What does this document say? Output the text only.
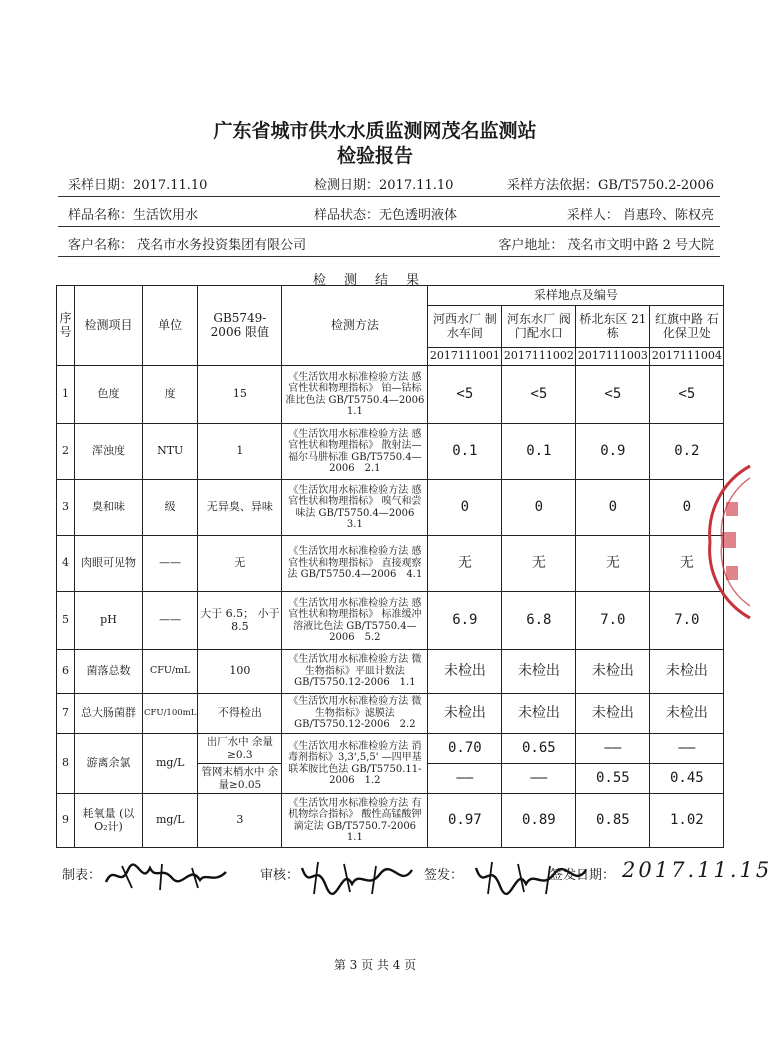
广东省城市供水水质监测网茂名监测站
检验报告
采样日期：2017.11.10	检测日期：2017.11.10	采样方法依据：GB/T5750.2-2006
样品名称：生活饮用水	样品状态：无色透明液体	采样人： 肖惠玲、陈权亮
客户名称： 茂名市水务投资集团有限公司	客户地址： 茂名市文明中路 2 号大院
检测结果
序号	检测项目	单位	GB5749-2006 限值	检测方法	采样地点及编号			
					河西水厂 制水车间	河东水厂 阀门配水口	桥北东区 21 栋	红旗中路 石化保卫处
					2017111001	2017111002	2017111003	2017111004
1	色度	度	15	《生活饮用水标准检验方法 感官性状和物理指标》 铂—钴标准比色法 GB/T5750.4—2006　1.1	<5	<5	<5	<5
2	浑浊度	NTU	1	《生活饮用水标准检验方法 感官性状和物理指标》 散射法—福尔马肼标准 GB/T5750.4—2006　2.1	0.1	0.1	0.9	0.2
3	臭和味	级	无异臭、异味	《生活饮用水标准检验方法 感官性状和物理指标》 嗅气和尝味法 GB/T5750.4—2006　3.1	0	0	0	0
4	肉眼可见物	——	无	《生活饮用水标准检验方法 感官性状和物理指标》 直接观察法 GB/T5750.4—2006　4.1	无	无	无	无
5	pH	——	大于 6.5； 小于 8.5	《生活饮用水标准检验方法 感官性状和物理指标》 标准缓冲溶液比色法 GB/T5750.4—2006　5.2	6.9	6.8	7.0	7.0
6	菌落总数	CFU/mL	100	《生活饮用水标准检验方法 微生物指标》平皿计数法 GB/T5750.12-2006　1.1	未检出	未检出	未检出	未检出
7	总大肠菌群	CFU/100mL	不得检出	《生活饮用水标准检验方法 微生物指标》滤膜法 GB/T5750.12-2006　2.2	未检出	未检出	未检出	未检出
8	游离余氯	mg/L	出厂水中 余量≥0.3	《生活饮用水标准检验方法 消毒剂指标》3,3',5,5' —四甲基联苯胺比色法 GB/T5750.11-2006　1.2	0.70	0.65	——	——
			管网末梢水中 余量≥0.05		——	——	0.55	0.45
9	耗氧量 (以O₂计)	mg/L	3	《生活饮用水标准检验方法 有机物综合指标》 酸性高锰酸钾滴定法 GB/T5750.7-2006　1.1	0.97	0.89	0.85	1.02
制表：	审核：	签发：	签发日期： 2017.11.15
第 3 页 共 4 页
